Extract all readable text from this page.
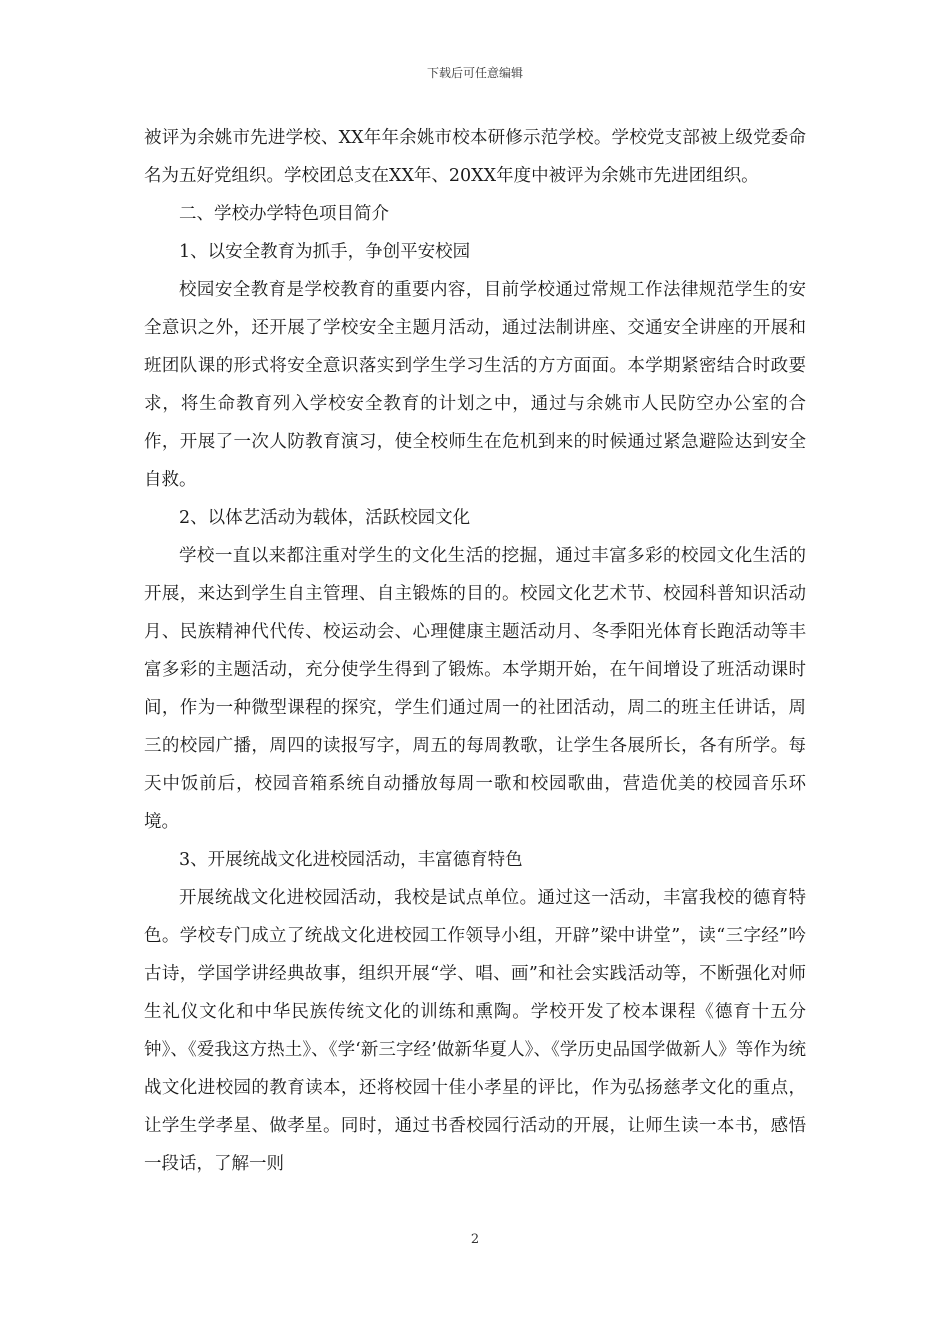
下载后可任意编辑

被评为余姚市先进学校、XX年年余姚市校本研修示范学校。学校党支部被上级党委命名为五好党组织。学校团总支在XX年、20XX年度中被评为余姚市先进团组织。

二、学校办学特色项目简介

1、以安全教育为抓手，争创平安校园

校园安全教育是学校教育的重要内容，目前学校通过常规工作法律规范学生的安全意识之外，还开展了学校安全主题月活动，通过法制讲座、交通安全讲座的开展和班团队课的形式将安全意识落实到学生学习生活的方方面面。本学期紧密结合时政要求，将生命教育列入学校安全教育的计划之中，通过与余姚市人民防空办公室的合作，开展了一次人防教育演习，使全校师生在危机到来的时候通过紧急避险达到安全自救。

2、以体艺活动为载体，活跃校园文化

学校一直以来都注重对学生的文化生活的挖掘，通过丰富多彩的校园文化生活的开展，来达到学生自主管理、自主锻炼的目的。校园文化艺术节、校园科普知识活动月、民族精神代代传、校运动会、心理健康主题活动月、冬季阳光体育长跑活动等丰富多彩的主题活动，充分使学生得到了锻炼。本学期开始，在午间增设了班活动课时间，作为一种微型课程的探究，学生们通过周一的社团活动，周二的班主任讲话，周三的校园广播，周四的读报写字，周五的每周教歌，让学生各展所长，各有所学。每天中饭前后，校园音箱系统自动播放每周一歌和校园歌曲，营造优美的校园音乐环境。

3、开展统战文化进校园活动，丰富德育特色

开展统战文化进校园活动，我校是试点单位。通过这一活动，丰富我校的德育特色。学校专门成立了统战文化进校园工作领导小组，开辟”梁中讲堂”，读“三字经”吟古诗，学国学讲经典故事，组织开展“学、唱、画”和社会实践活动等，不断强化对师生礼仪文化和中华民族传统文化的训练和熏陶。学校开发了校本课程《德育十五分钟》、《爱我这方热土》、《学‘新三字经’做新华夏人》、《学历史品国学做新人》等作为统战文化进校园的教育读本，还将校园十佳小孝星的评比，作为弘扬慈孝文化的重点，让学生学孝星、做孝星。同时，通过书香校园行活动的开展，让师生读一本书，感悟一段话，了解一则

2
